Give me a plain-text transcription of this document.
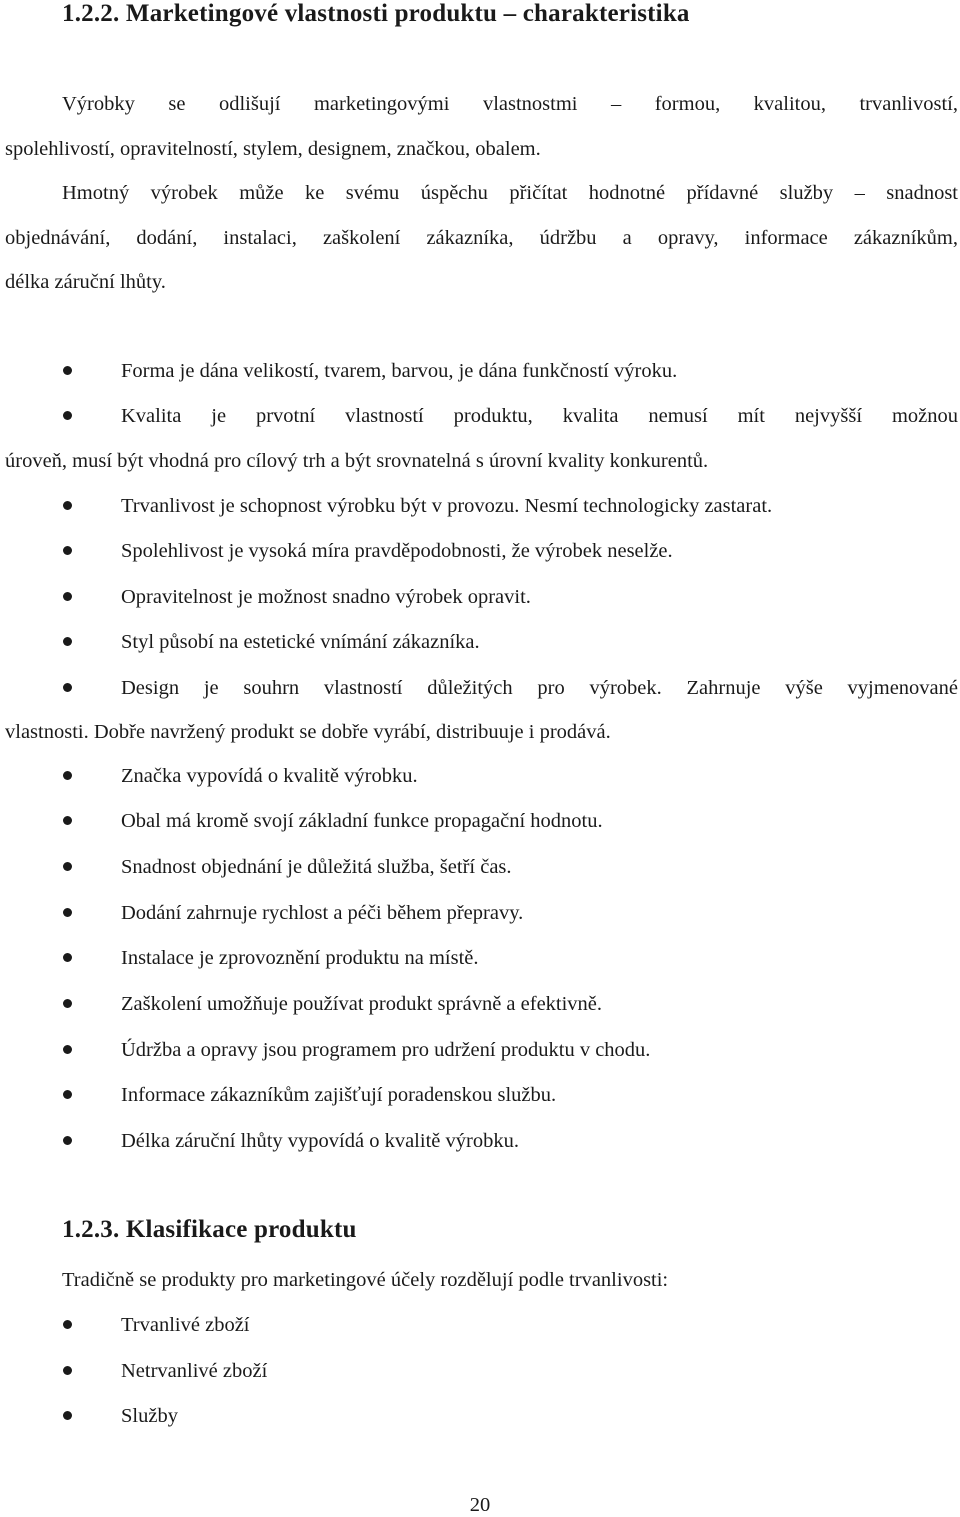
1.2.2. Marketingové vlastnosti produktu – charakteristika
Výrobky se odlišují marketingovými vlastnostmi – formou, kvalitou, trvanlivostí,
spolehlivostí, opravitelností, stylem, designem, značkou, obalem.
Hmotný výrobek může ke svému úspěchu přičítat hodnotné přídavné služby – snadnost
objednávání, dodání, instalaci, zaškolení zákazníka, údržbu a opravy, informace zákazníkům,
délka záruční lhůty.
Forma je dána velikostí, tvarem, barvou, je dána funkčností výroku.
Kvalita je prvotní vlastností produktu, kvalita nemusí mít nejvyšší možnou
úroveň, musí být vhodná pro cílový trh a být srovnatelná s úrovní kvality konkurentů.
Trvanlivost je schopnost výrobku být v provozu. Nesmí technologicky zastarat.
Spolehlivost je vysoká míra pravděpodobnosti, že výrobek neselže.
Opravitelnost je možnost snadno výrobek opravit.
Styl působí na estetické vnímání zákazníka.
Design je souhrn vlastností důležitých pro výrobek. Zahrnuje výše vyjmenované
vlastnosti. Dobře navržený produkt se dobře vyrábí, distribuuje i prodává.
Značka vypovídá o kvalitě výrobku.
Obal má kromě svojí základní funkce propagační hodnotu.
Snadnost objednání je důležitá služba, šetří čas.
Dodání zahrnuje rychlost a péči během přepravy.
Instalace je zprovoznění produktu na místě.
Zaškolení umožňuje používat produkt správně a efektivně.
Údržba a opravy jsou programem pro udržení produktu v chodu.
Informace zákazníkům zajišťují poradenskou službu.
Délka záruční lhůty vypovídá o kvalitě výrobku.
1.2.3. Klasifikace produktu
Tradičně se produkty pro marketingové účely rozdělují podle trvanlivosti:
Trvanlivé zboží
Netrvanlivé zboží
Služby
20
